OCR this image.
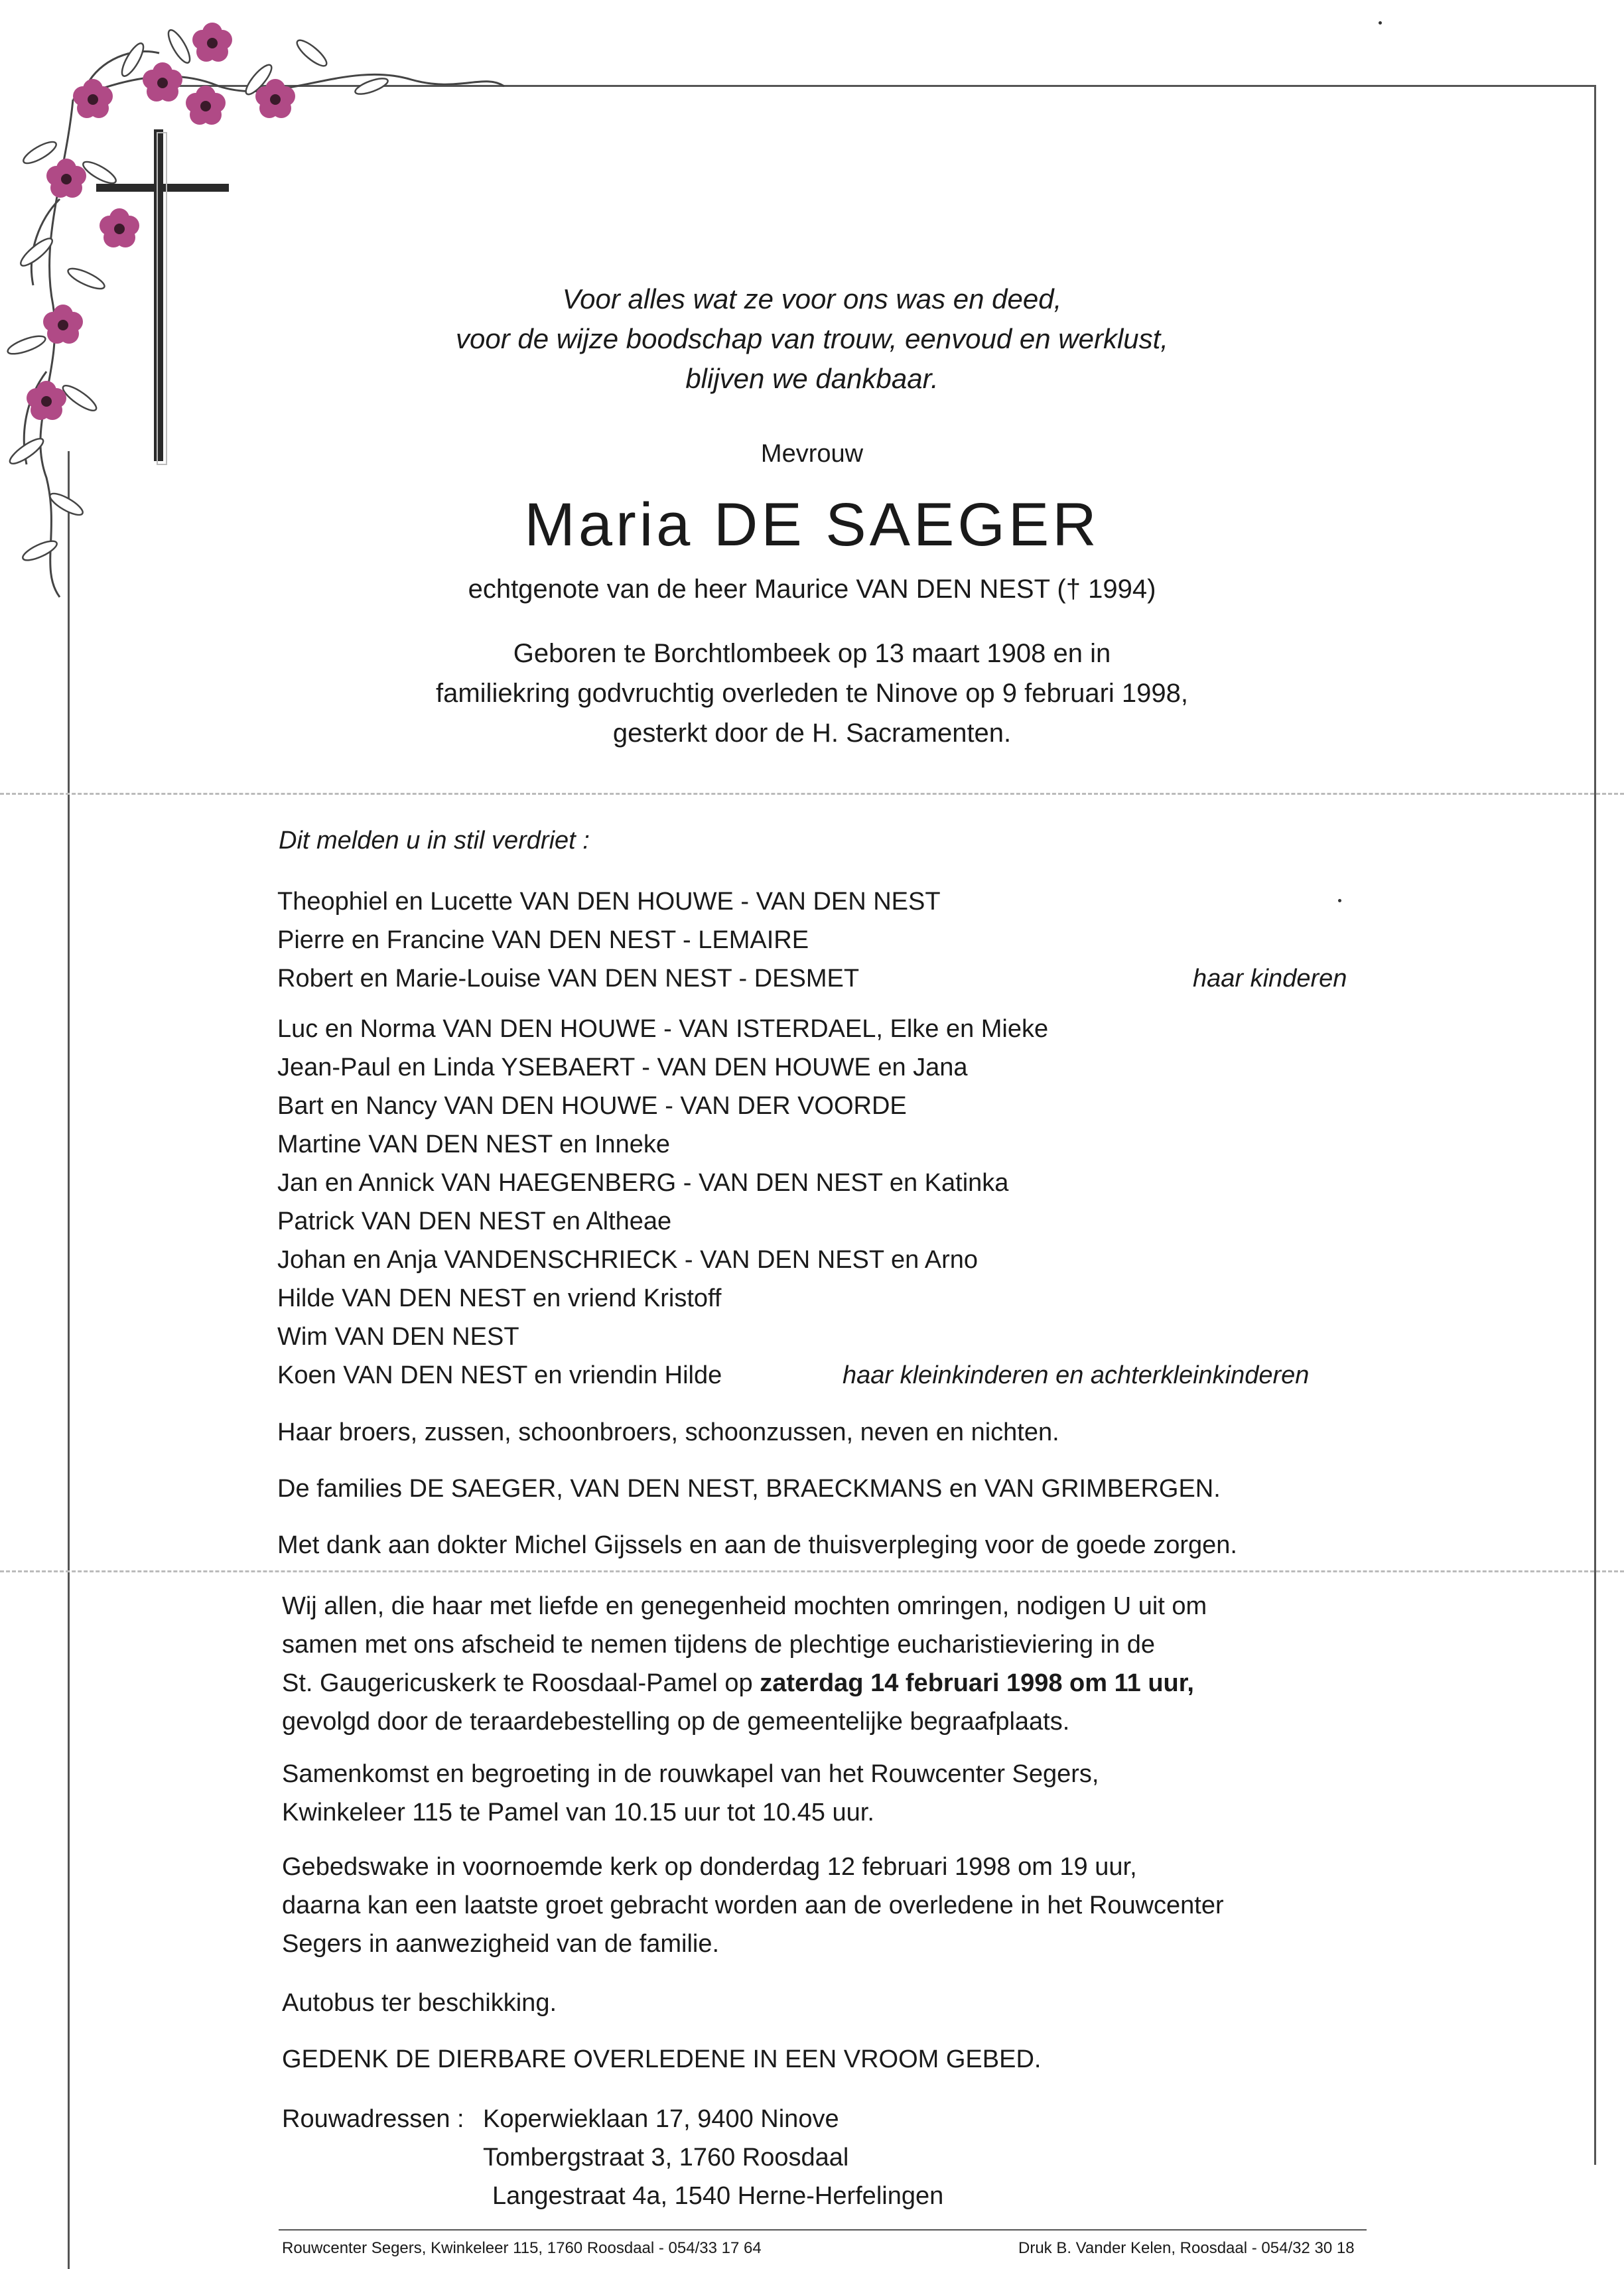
Voor alles wat ze voor ons was en deed,
voor de wijze boodschap van trouw, eenvoud en werklust,
blijven we dankbaar.
Mevrouw
Maria DE SAEGER
echtgenote van de heer Maurice VAN DEN NEST († 1994)
Geboren te Borchtlombeek op 13 maart 1908 en in
familiekring godvruchtig overleden te Ninove op 9 februari 1998,
gesterkt door de H. Sacramenten.
Dit melden u in stil verdriet :
Theophiel en Lucette VAN DEN HOUWE - VAN DEN NEST
Pierre en Francine VAN DEN NEST - LEMAIRE
Robert en Marie-Louise VAN DEN NEST - DESMET	haar kinderen
Luc en Norma VAN DEN HOUWE - VAN ISTERDAEL, Elke en Mieke
Jean-Paul en Linda YSEBAERT - VAN DEN HOUWE en Jana
Bart en Nancy VAN DEN HOUWE - VAN DER VOORDE
Martine VAN DEN NEST en Inneke
Jan en Annick VAN HAEGENBERG - VAN DEN NEST en Katinka
Patrick VAN DEN NEST en Altheae
Johan en Anja VANDENSCHRIECK - VAN DEN NEST en Arno
Hilde VAN DEN NEST en vriend Kristoff
Wim VAN DEN NEST
Koen VAN DEN NEST en vriendin Hilde	haar kleinkinderen en achterkleinkinderen
Haar broers, zussen, schoonbroers, schoonzussen, neven en nichten.
De families DE SAEGER, VAN DEN NEST, BRAECKMANS en VAN GRIMBERGEN.
Met dank aan dokter Michel Gijssels en aan de thuisverpleging voor de goede zorgen.
Wij allen, die haar met liefde en genegenheid mochten omringen, nodigen U uit om
samen met ons afscheid te nemen tijdens de plechtige eucharistieviering in de
St. Gaugericuskerk te Roosdaal-Pamel op zaterdag 14 februari 1998 om 11 uur,
gevolgd door de teraardebestelling op de gemeentelijke begraafplaats.
Samenkomst en begroeting in de rouwkapel van het Rouwcenter Segers,
Kwinkeleer 115 te Pamel van 10.15 uur tot 10.45 uur.
Gebedswake in voornoemde kerk op donderdag 12 februari 1998 om 19 uur,
daarna kan een laatste groet gebracht worden aan de overledene in het Rouwcenter
Segers in aanwezigheid van de familie.
Autobus ter beschikking.
GEDENK DE DIERBARE OVERLEDENE IN EEN VROOM GEBED.
Rouwadressen : Koperwieklaan 17, 9400 Ninove
Tombergstraat 3, 1760 Roosdaal
Langestraat 4a, 1540 Herne-Herfelingen
Rouwcenter Segers, Kwinkeleer 115, 1760 Roosdaal - 054/33 17 64	Druk B. Vander Kelen, Roosdaal - 054/32 30 18
